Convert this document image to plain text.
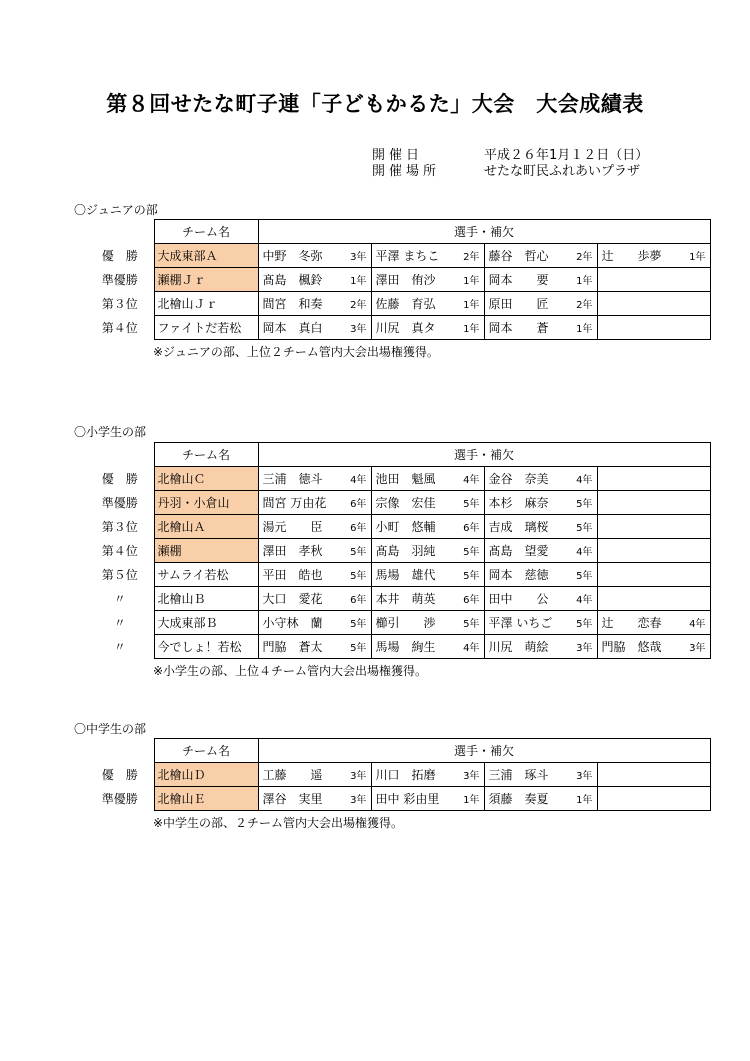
第８回せたな町子連「子どもかるた」大会　大会成績表
開催日	平成２６年1月１２日（日）
開催場所	せたな町民ふれあいプラザ
〇ジュニアの部
	チーム名	選手・補欠							
優　勝	大成東部Ａ	中野　冬弥	3年	平澤 まちこ	2年	藤谷　哲心	2年	辻　　歩夢	1年
準優勝	瀬棚Ｊｒ	髙島　楓鈴	1年	澤田　侑沙	1年	岡本　　要	1年		
第３位	北檜山Ｊｒ	間宮　和奏	2年	佐藤　育弘	1年	原田　　匠	2年		
第４位	ファイトだ若松	岡本　真白	3年	川尻　真タ	1年	岡本　　蒼	1年		
※ジュニアの部、上位２チーム管内大会出場権獲得。
〇小学生の部
	チーム名	選手・補欠							
優　勝	北檜山Ｃ	三浦　徳斗	4年	池田　魁風	4年	金谷　奈美	4年		
準優勝	丹羽・小倉山	間宮 万由花	6年	宗像　宏佳	5年	本杉　麻奈	5年		
第３位	北檜山Ａ	湯元　　臣	6年	小町　悠輔	6年	吉成　璃桜	5年		
第４位	瀬棚	澤田　孝秋	5年	髙島　羽純	5年	髙島　望愛	4年		
第５位	サムライ若松	平田　皓也	5年	馬場　雄代	5年	岡本　慈徳	5年		
〃	北檜山Ｂ	大口　愛花	6年	本井　萌英	6年	田中　　公	4年		
〃	大成東部Ｂ	小守林　蘭	5年	櫛引　　渉	5年	平澤 いちご	5年	辻　　恋春	4年
〃	今でしょ！若松	門脇　蒼太	5年	馬場　絢生	4年	川尻　萌絵	3年	門脇　悠哉	3年
※小学生の部、上位４チーム管内大会出場権獲得。
〇中学生の部
	チーム名	選手・補欠							
優　勝	北檜山Ｄ	工藤　　遥	3年	川口　拓磨	3年	三浦　琢斗	3年		
準優勝	北檜山Ｅ	澤谷　実里	3年	田中 彩由里	1年	須藤　奏夏	1年		
※中学生の部、２チーム管内大会出場権獲得。
